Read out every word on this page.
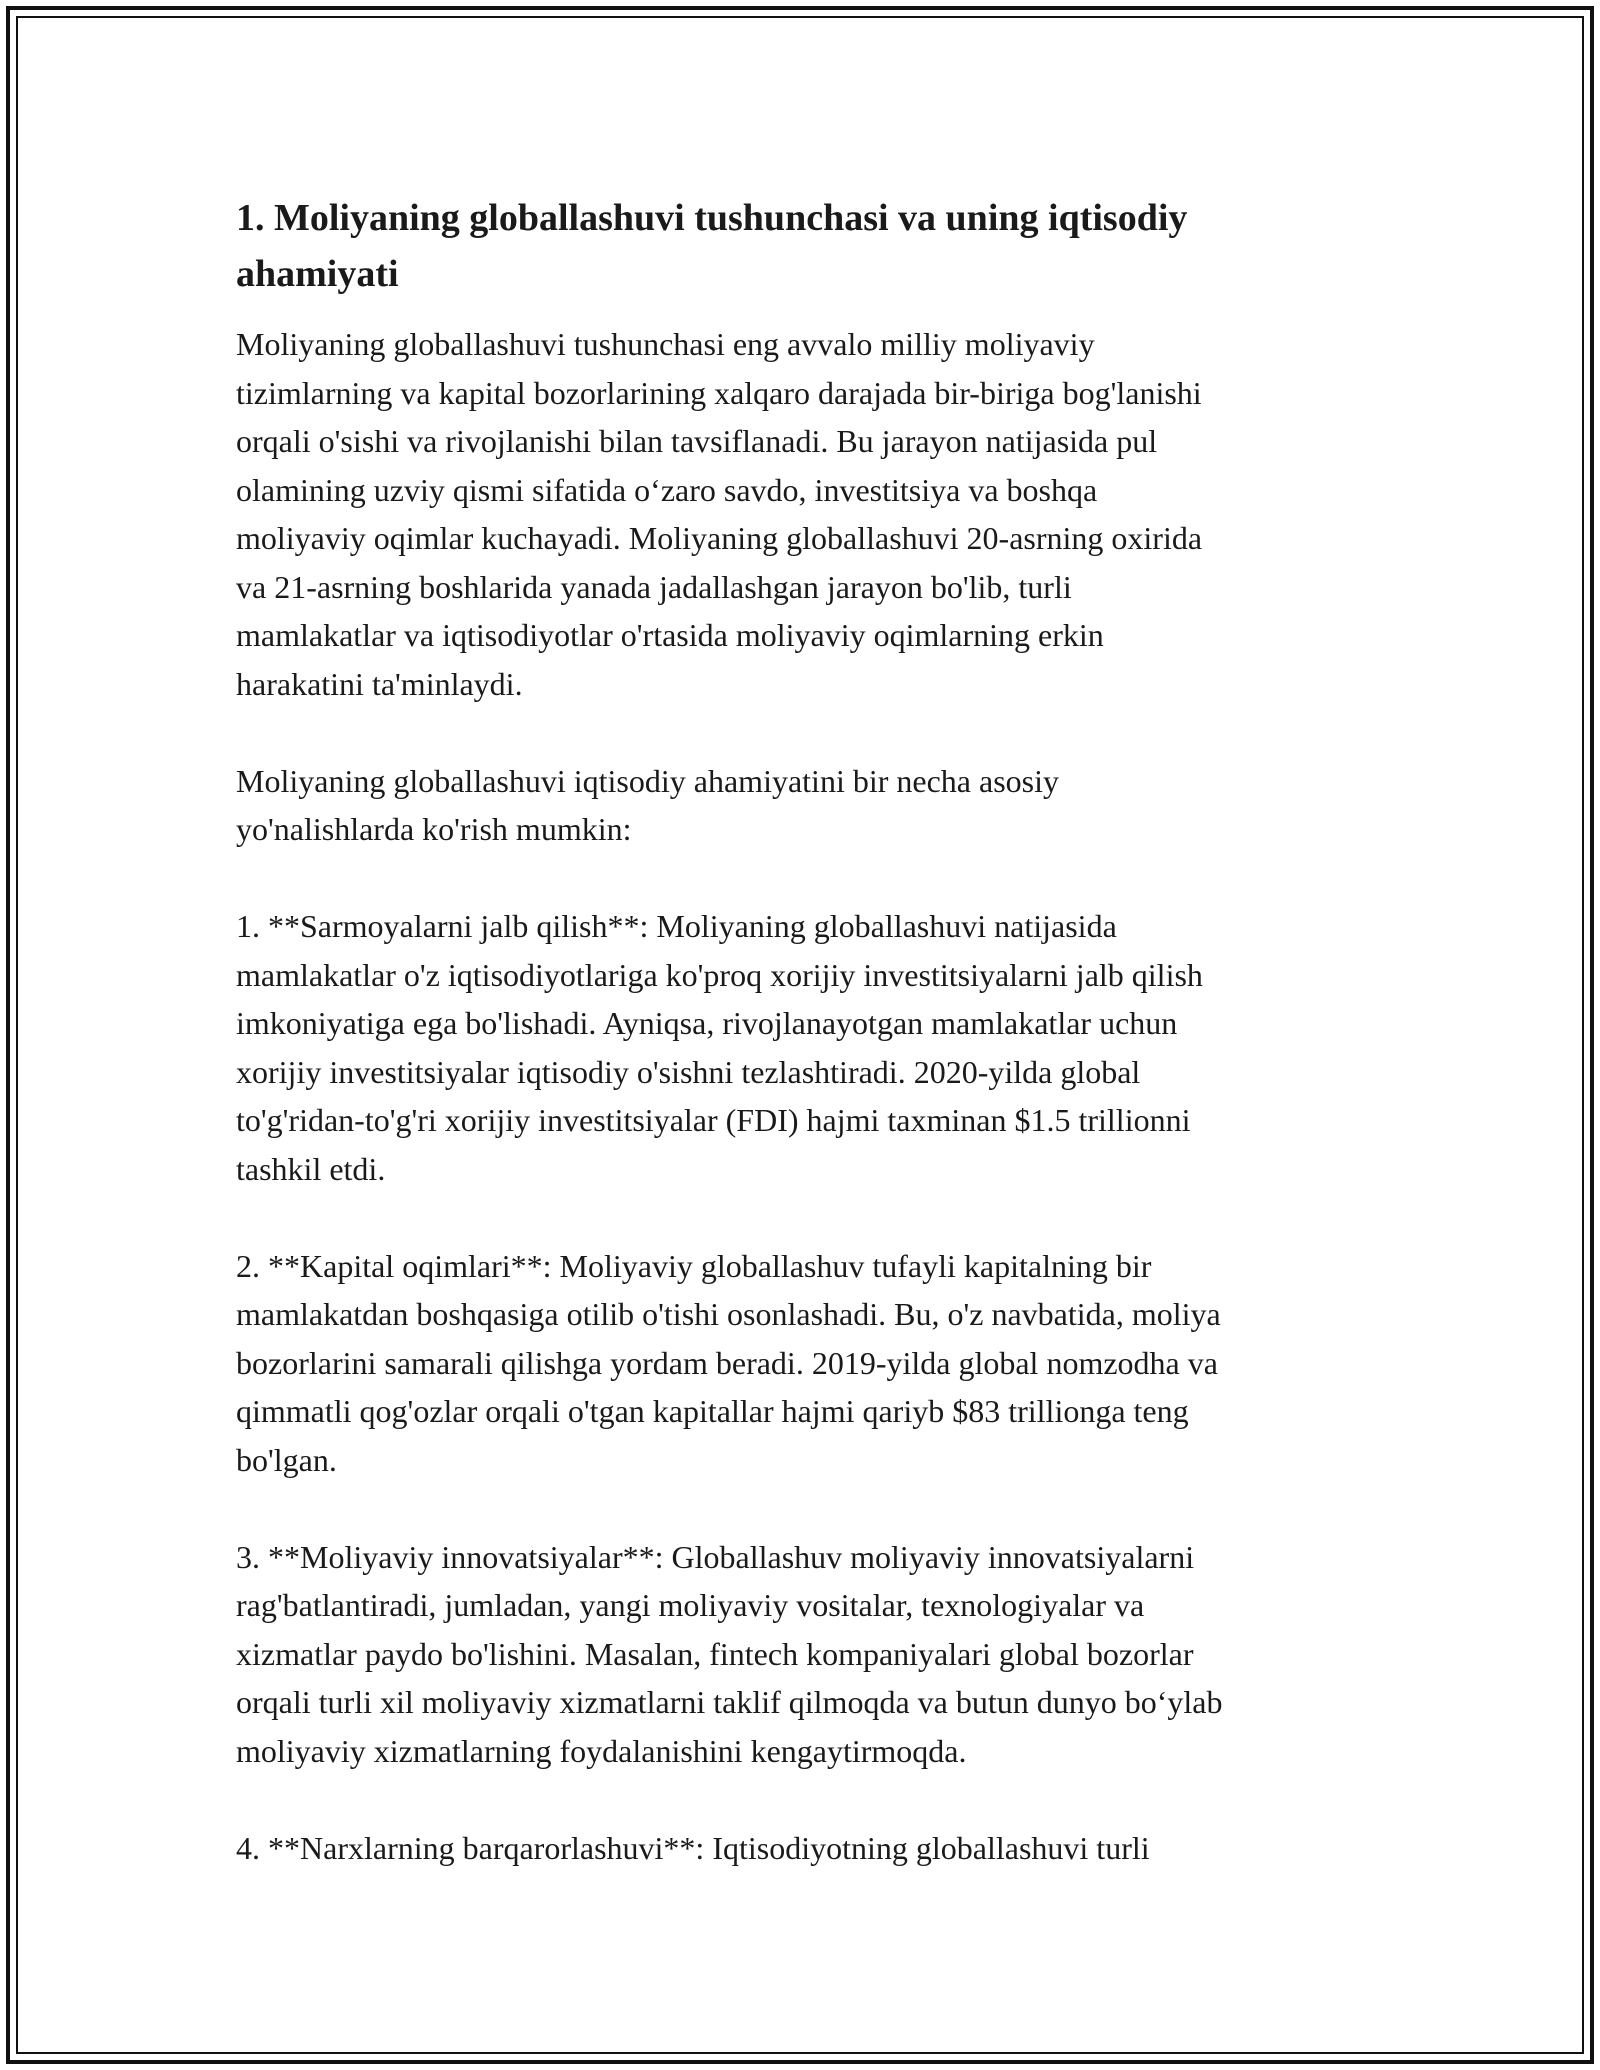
1. Moliyaning globallashuvi tushunchasi va uning iqtisodiy
ahamiyati
Moliyaning globallashuvi tushunchasi eng avvalo milliy moliyaviy
tizimlarning va kapital bozorlarining xalqaro darajada bir-biriga bog'lanishi
orqali o'sishi va rivojlanishi bilan tavsiflanadi. Bu jarayon natijasida pul
olamining uzviy qismi sifatida o‘zaro savdo, investitsiya va boshqa
moliyaviy oqimlar kuchayadi. Moliyaning globallashuvi 20-asrning oxirida
va 21-asrning boshlarida yanada jadallashgan jarayon bo'lib, turli
mamlakatlar va iqtisodiyotlar o'rtasida moliyaviy oqimlarning erkin
harakatini ta'minlaydi.
Moliyaning globallashuvi iqtisodiy ahamiyatini bir necha asosiy
yo'nalishlarda ko'rish mumkin:
1. **Sarmoyalarni jalb qilish**: Moliyaning globallashuvi natijasida
mamlakatlar o'z iqtisodiyotlariga ko'proq xorijiy investitsiyalarni jalb qilish
imkoniyatiga ega bo'lishadi. Ayniqsa, rivojlanayotgan mamlakatlar uchun
xorijiy investitsiyalar iqtisodiy o'sishni tezlashtiradi. 2020-yilda global
to'g'ridan-to'g'ri xorijiy investitsiyalar (FDI) hajmi taxminan $1.5 trillionni
tashkil etdi.
2. **Kapital oqimlari**: Moliyaviy globallashuv tufayli kapitalning bir
mamlakatdan boshqasiga otilib o'tishi osonlashadi. Bu, o'z navbatida, moliya
bozorlarini samarali qilishga yordam beradi. 2019-yilda global nomzodha va
qimmatli qog'ozlar orqali o'tgan kapitallar hajmi qariyb $83 trillionga teng
bo'lgan.
3. **Moliyaviy innovatsiyalar**: Globallashuv moliyaviy innovatsiyalarni
rag'batlantiradi, jumladan, yangi moliyaviy vositalar, texnologiyalar va
xizmatlar paydo bo'lishini. Masalan, fintech kompaniyalari global bozorlar
orqali turli xil moliyaviy xizmatlarni taklif qilmoqda va butun dunyo bo‘ylab
moliyaviy xizmatlarning foydalanishini kengaytirmoqda.
4. **Narxlarning barqarorlashuvi**: Iqtisodiyotning globallashuvi turli
